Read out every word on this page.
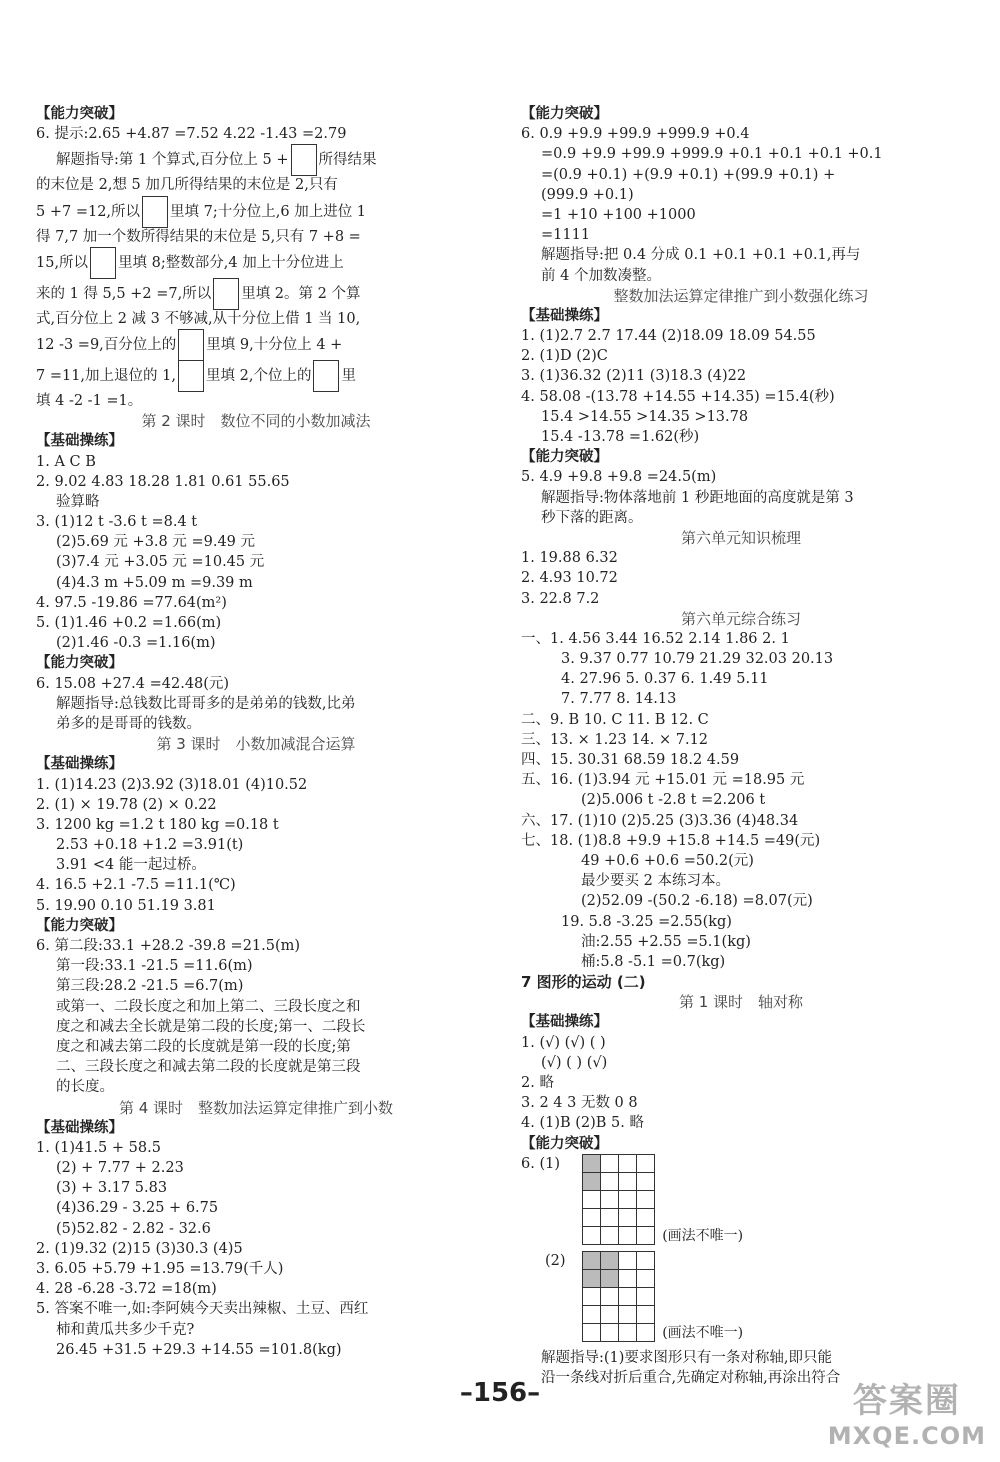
【能力突破】
6. 提示:2.65 +4.87 =7.52 4.22 -1.43 =2.79
解题指导:第 1 个算式,百分位上 5 + 所得结果
的末位是 2,想 5 加几所得结果的末位是 2,只有
5 +7 =12,所以 里填 7;十分位上,6 加上进位 1
得 7,7 加一个数所得结果的末位是 5,只有 7 +8 =
15,所以 里填 8;整数部分,4 加上十分位进上
来的 1 得 5,5 +2 =7,所以 里填 2。第 2 个算
式,百分位上 2 减 3 不够减,从十分位上借 1 当 10,
12 -3 =9,百分位上的 里填 9,十分位上 4 +
7 =11,加上退位的 1, 里填 2,个位上的 里
填 4 -2 -1 =1。
第 2 课时　数位不同的小数加减法
【基础操练】
1. A C B
2. 9.02 4.83 18.28 1.81 0.61 55.65
验算略
3. (1)12 t -3.6 t =8.4 t
(2)5.69 元 +3.8 元 =9.49 元
(3)7.4 元 +3.05 元 =10.45 元
(4)4.3 m +5.09 m =9.39 m
4. 97.5 -19.86 =77.64(m²)
5. (1)1.46 +0.2 =1.66(m)
(2)1.46 -0.3 =1.16(m)
【能力突破】
6. 15.08 +27.4 =42.48(元)
解题指导:总钱数比哥哥多的是弟弟的钱数,比弟
弟多的是哥哥的钱数。
第 3 课时　小数加减混合运算
【基础操练】
1. (1)14.23 (2)3.92 (3)18.01 (4)10.52
2. (1) × 19.78 (2) × 0.22
3. 1200 kg =1.2 t 180 kg =0.18 t
2.53 +0.18 +1.2 =3.91(t)
3.91 <4 能一起过桥。
4. 16.5 +2.1 -7.5 =11.1(℃)
5. 19.90 0.10 51.19 3.81
【能力突破】
6. 第二段:33.1 +28.2 -39.8 =21.5(m)
第一段:33.1 -21.5 =11.6(m)
第三段:28.2 -21.5 =6.7(m)
或第一、二段长度之和加上第二、三段长度之和
度之和减去全长就是第二段的长度;第一、二段长
度之和减去第二段的长度就是第一段的长度;第
二、三段长度之和减去第二段的长度就是第三段
的长度。
第 4 课时　整数加法运算定律推广到小数
【基础操练】
1. (1)41.5 + 58.5
(2) + 7.77 + 2.23
(3) + 3.17 5.83
(4)36.29 - 3.25 + 6.75
(5)52.82 - 2.82 - 32.6
2. (1)9.32 (2)15 (3)30.3 (4)5
3. 6.05 +5.79 +1.95 =13.79(千人)
4. 28 -6.28 -3.72 =18(m)
5. 答案不唯一,如:李阿姨今天卖出辣椒、土豆、西红
柿和黄瓜共多少千克?
26.45 +31.5 +29.3 +14.55 =101.8(kg)
【能力突破】
6. 0.9 +9.9 +99.9 +999.9 +0.4
=0.9 +9.9 +99.9 +999.9 +0.1 +0.1 +0.1 +0.1
=(0.9 +0.1) +(9.9 +0.1) +(99.9 +0.1) +
(999.9 +0.1)
=1 +10 +100 +1000
=1111
解题指导:把 0.4 分成 0.1 +0.1 +0.1 +0.1,再与
前 4 个加数凑整。
整数加法运算定律推广到小数强化练习
【基础操练】
1. (1)2.7 2.7 17.44 (2)18.09 18.09 54.55
2. (1)D (2)C
3. (1)36.32 (2)11 (3)18.3 (4)22
4. 58.08 -(13.78 +14.55 +14.35) =15.4(秒)
15.4 >14.55 >14.35 >13.78
15.4 -13.78 =1.62(秒)
【能力突破】
5. 4.9 +9.8 +9.8 =24.5(m)
解题指导:物体落地前 1 秒距地面的高度就是第 3
秒下落的距离。
第六单元知识梳理
1. 19.88 6.32
2. 4.93 10.72
3. 22.8 7.2
第六单元综合练习
一、1. 4.56 3.44 16.52 2.14 1.86 2. 1
3. 9.37 0.77 10.79 21.29 32.03 20.13
4. 27.96 5. 0.37 6. 1.49 5.11
7. 7.77 8. 14.13
二、9. B 10. C 11. B 12. C
三、13. × 1.23 14. × 7.12
四、15. 30.31 68.59 18.2 4.59
五、16. (1)3.94 元 +15.01 元 =18.95 元
(2)5.006 t -2.8 t =2.206 t
六、17. (1)10 (2)5.25 (3)3.36 (4)48.34
七、18. (1)8.8 +9.9 +15.8 +14.5 =49(元)
49 +0.6 +0.6 =50.2(元)
最少要买 2 本练习本。
(2)52.09 -(50.2 -6.18) =8.07(元)
19. 5.8 -3.25 =2.55(kg)
油:2.55 +2.55 =5.1(kg)
桶:5.8 -5.1 =0.7(kg)
7 图形的运动 (二)
第 1 课时　轴对称
【基础操练】
1. (√) (√) ( )
(√) ( ) (√)
2. 略
3. 2 4 3 无数 0 8
4. (1)B (2)B 5. 略
【能力突破】
6. (1)			

			(画法不唯一)
(2)			

			(画法不唯一)
解题指导:(1)要求图形只有一条对称轴,即只能
沿一条线对折后重合,先确定对称轴,再涂出符合
–156–	答案圈
MXQE.COM
